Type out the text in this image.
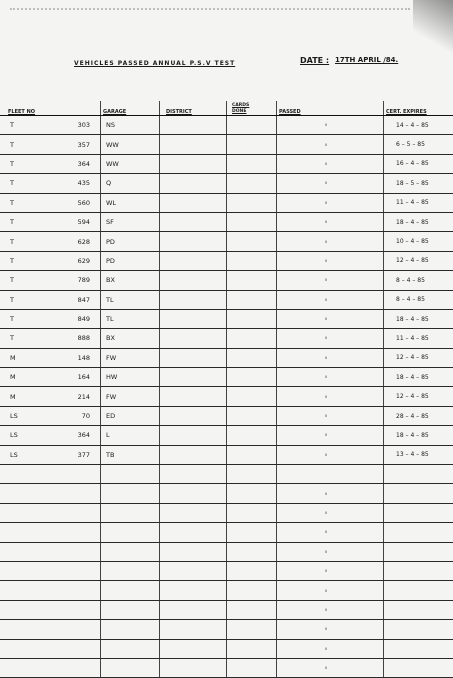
VEHICLES PASSED ANNUAL P.S.V TEST	DATE : 17TH APRIL /84.
FLEET NO		GARAGE	DISTRICT	CARDS
DONE	PASSED	CERT. EXPIRES
T	303	NS			II	14 – 4 – 85
T	357	WW			II	6 – 5 – 85
T	364	WW			II	16 – 4 – 85
T	435	Q			II	18 – 5 – 85
T	560	WL			II	11 – 4 – 85
T	594	SF			II	18 – 4 – 85
T	628	PD			II	10 – 4 – 85
T	629	PD			II	12 – 4 – 85
T	789	BX			II	8 – 4 – 85
T	847	TL			II	8 – 4 – 85
T	849	TL			II	18 – 4 – 85
T	888	BX			II	11 – 4 – 85
M	148	FW			II	12 – 4 – 85
M	164	HW			II	18 – 4 – 85
M	214	FW			II	12 – 4 – 85
LS	70	ED			II	28 – 4 – 85
LS	364	L			II	18 – 4 – 85
LS	377	TB			II	13 – 4 – 85

					II	
					II	
					II	
					II	
					II	
					II	
					II	
					II	
					II	
					II	
